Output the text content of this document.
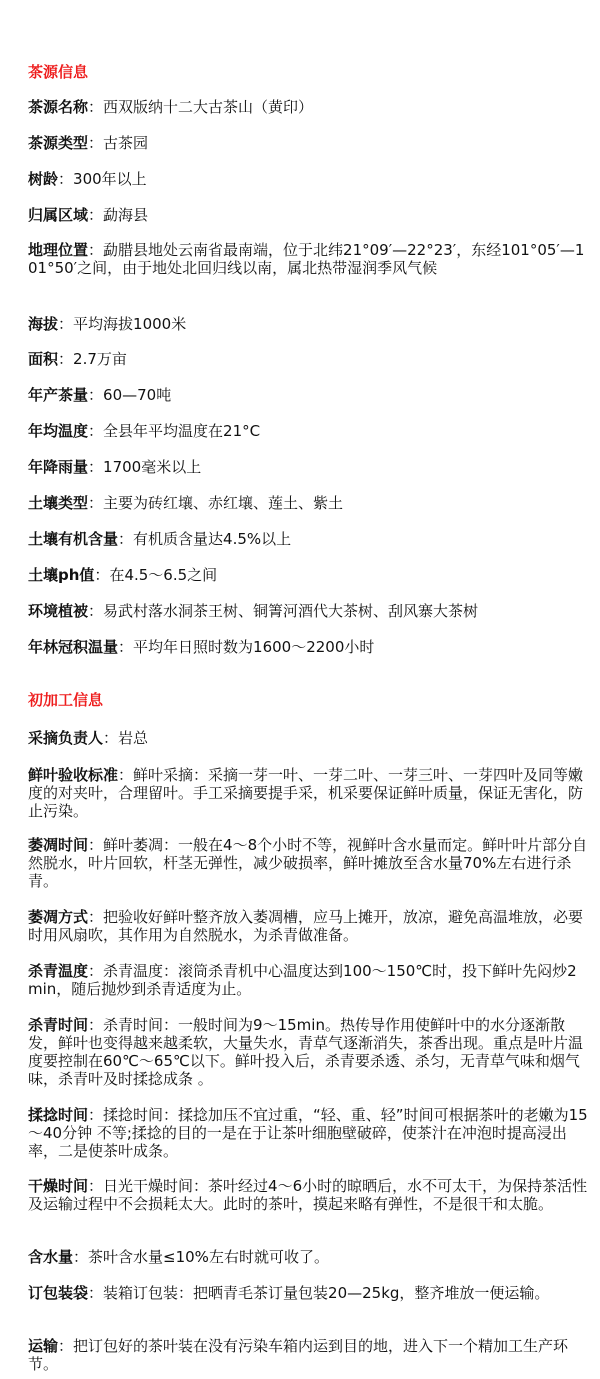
茶源信息

茶源名称：西双版纳十二大古茶山（黄印）

茶源类型：古茶园

树龄：300年以上

归属区域：勐海县

地理位置：勐腊县地处云南省最南端，位于北纬21°09′—22°23′，东经101°05′—101°50′之间，由于地处北回归线以南，属北热带湿润季风气候

海拔：平均海拔1000米

面积：2.7万亩

年产茶量：60—70吨

年均温度：全县年平均温度在21°C

年降雨量：1700毫米以上

土壤类型：主要为砖红壤、赤红壤、莲土、紫土

土壤有机含量：有机质含量达4.5%以上

土壤ph值：在4.5～6.5之间

环境植被：易武村落水洞茶王树、铜箐河酒代大茶树、刮风寨大茶树

年林冠积温量：平均年日照时数为1600～2200小时

初加工信息

采摘负责人：岩总

鲜叶验收标准：鲜叶采摘：采摘一芽一叶、一芽二叶、一芽三叶、一芽四叶及同等嫩度的对夹叶，合理留叶。手工采摘要提手采，机采要保证鲜叶质量，保证无害化，防止污染。

萎凋时间：鲜叶萎凋：一般在4～8个小时不等，视鲜叶含水量而定。鲜叶叶片部分自然脱水，叶片回软，杆茎无弹性，减少破损率，鲜叶摊放至含水量70%左右进行杀青。

萎凋方式：把验收好鲜叶整齐放入萎凋槽，应马上摊开，放凉，避免高温堆放，必要时用风扇吹，其作用为自然脱水，为杀青做准备。

杀青温度：杀青温度：滚筒杀青机中心温度达到100～150℃时，投下鲜叶先闷炒2min，随后抛炒到杀青适度为止。

杀青时间：杀青时间：一般时间为9～15min。热传导作用使鲜叶中的水分逐渐散发，鲜叶也变得越来越柔软，大量失水，青草气逐渐消失，茶香出现。重点是叶片温度要控制在60℃～65℃以下。鲜叶投入后，杀青要杀透、杀匀，无青草气味和烟气味，杀青叶及时揉捻成条 。

揉捻时间：揉捻时间：揉捻加压不宜过重，“轻、重、轻”时间可根据茶叶的老嫩为15～40分钟 不等;揉捻的目的一是在于让茶叶细胞壁破碎，使茶汁在冲泡时提高浸出率，二是使茶叶成条。

干燥时间：日光干燥时间：茶叶经过4～6小时的晾晒后，水不可太干，为保持茶活性及运输过程中不会损耗太大。此时的茶叶，摸起来略有弹性，不是很干和太脆。

含水量：茶叶含水量≤10%左右时就可收了。

订包装袋：装箱订包装：把晒青毛茶订量包装20—25kg，整齐堆放一便运输。

运输：把订包好的茶叶装在没有污染车箱内运到目的地，进入下一个精加工生产环节。
